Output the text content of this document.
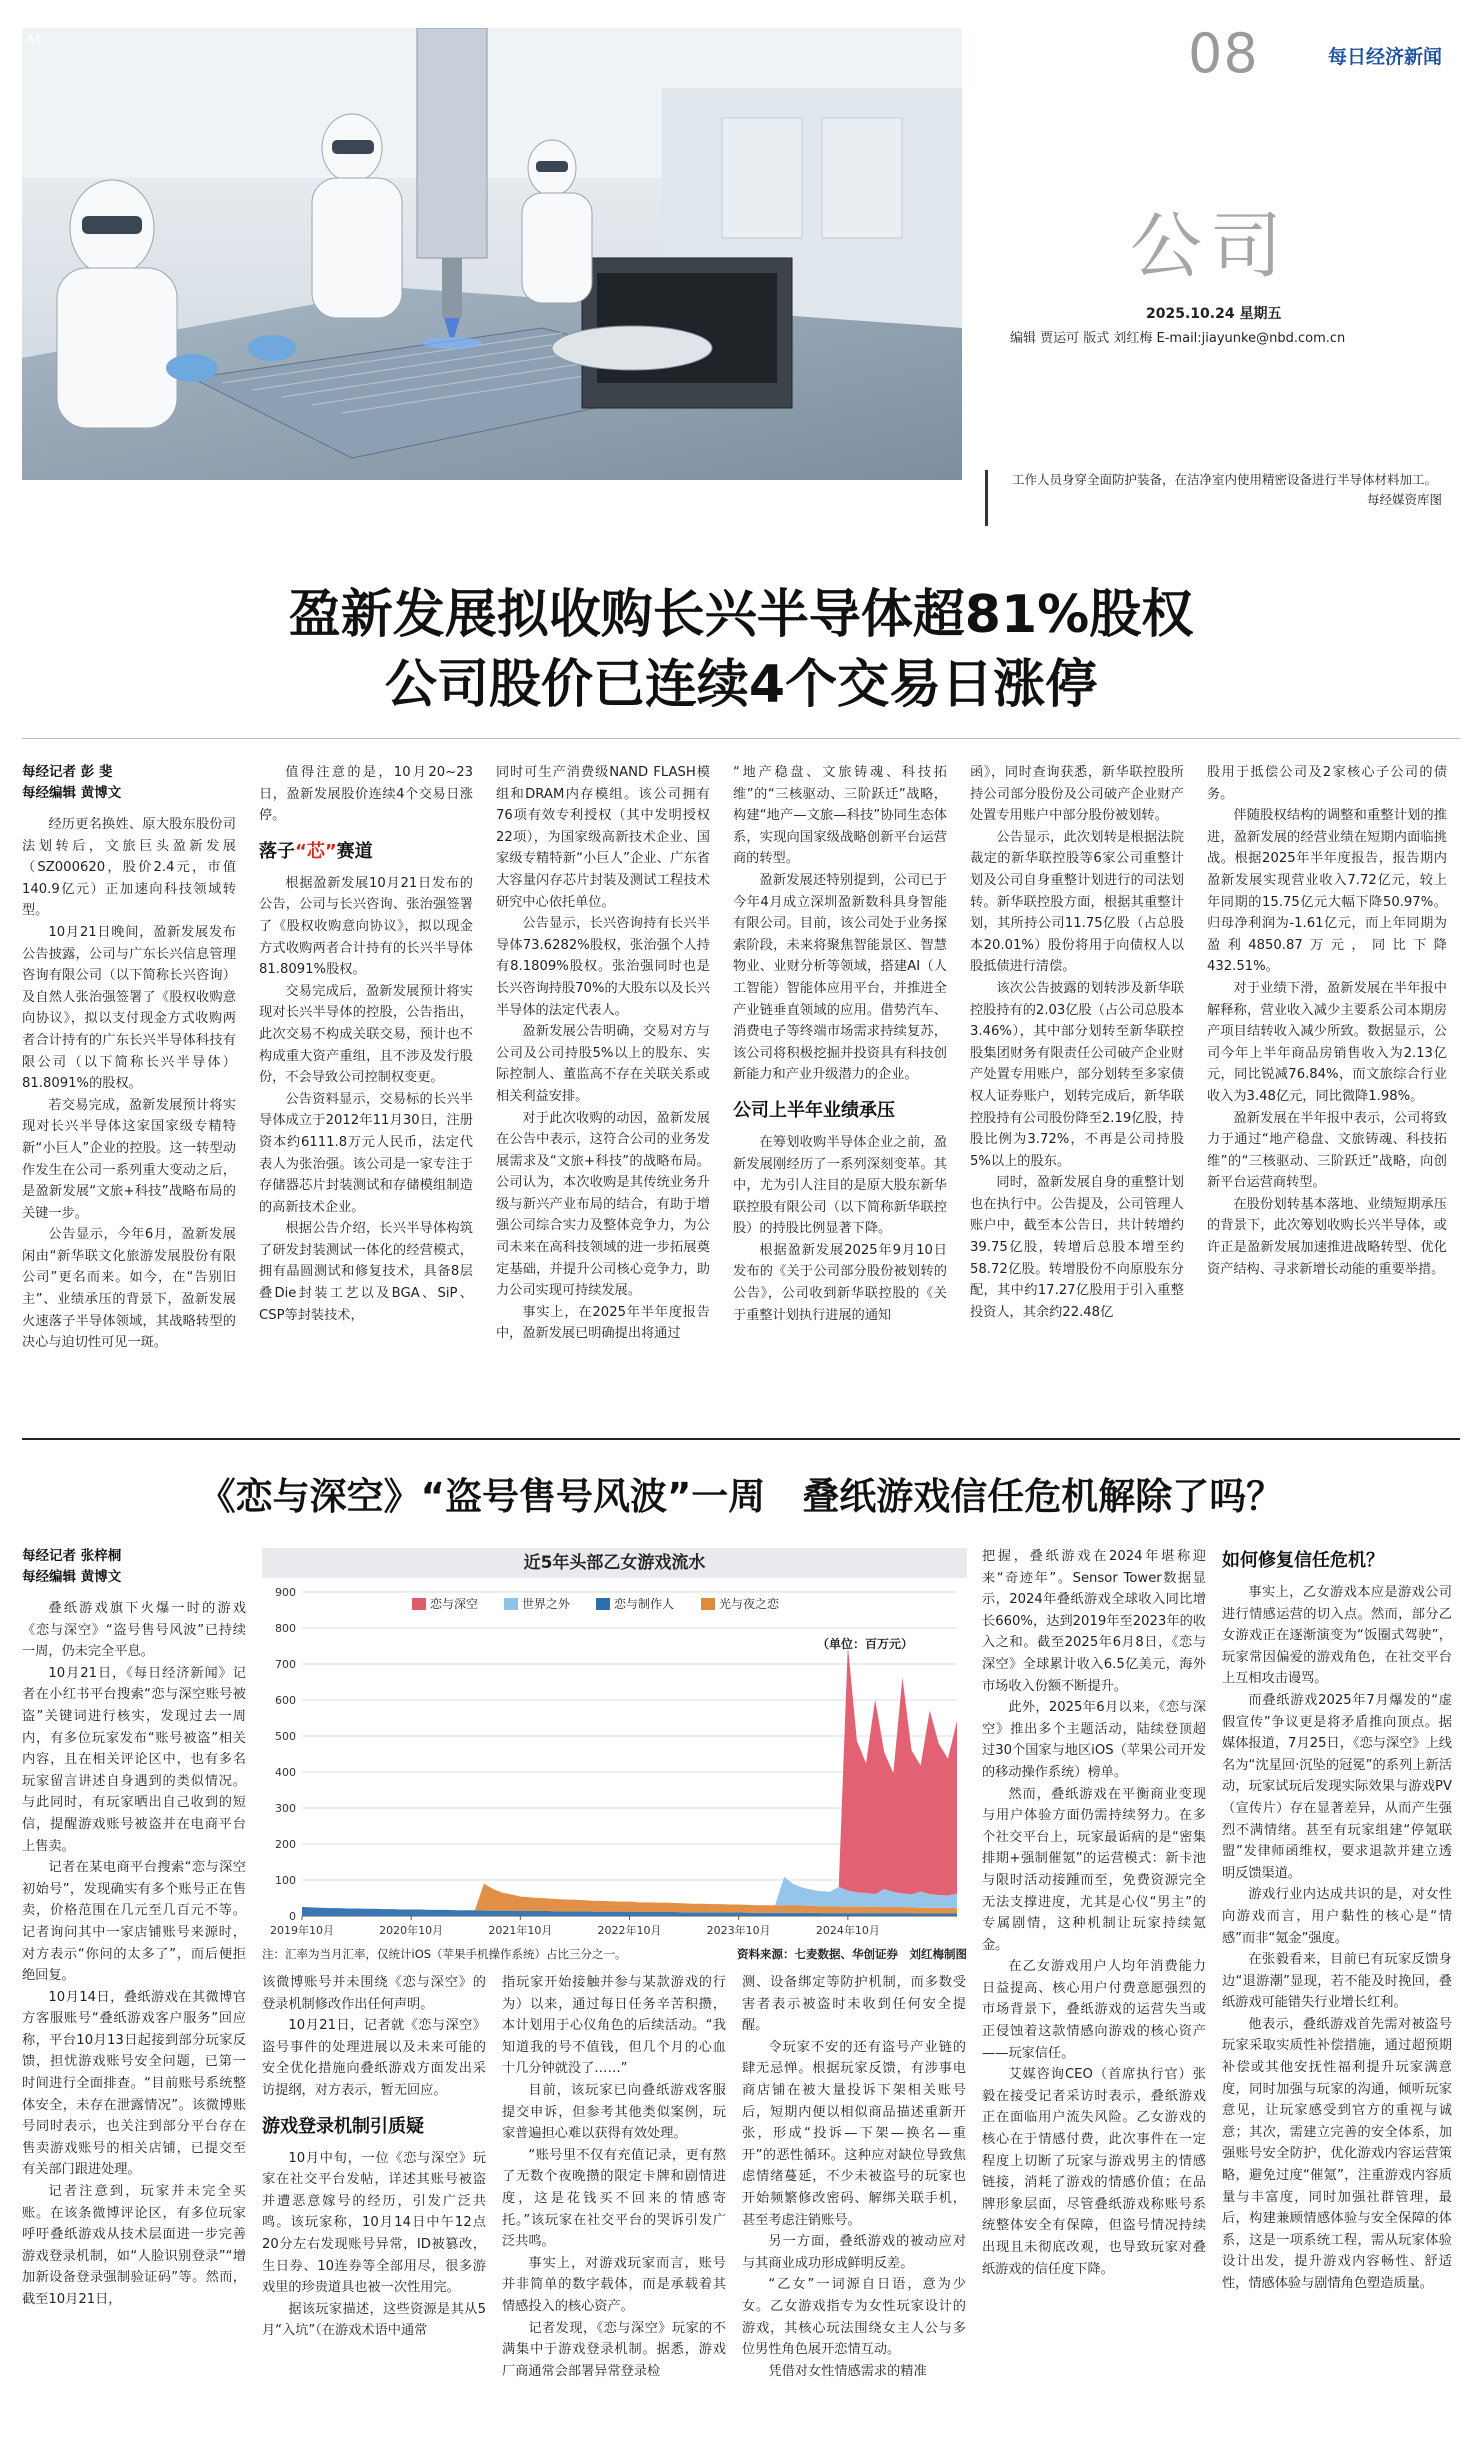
A1	08	每日经济新闻
公司
2025.10.24 星期五
编辑 贾运可 版式 刘红梅 E-mail:jiayunke@nbd.com.cn
工作人员身穿全面防护装备，在洁净室内使用精密设备进行半导体材料加工。

每经媒资库图
盈新发展拟收购长兴半导体超81%股权
公司股价已连续4个交易日涨停

每经记者 彭 斐

每经编辑 黄博文

经历更名换姓、原大股东股份司法划转后，文旅巨头盈新发展（SZ000620，股价2.4元，市值140.9亿元）正加速向科技领域转型。

10月21日晚间，盈新发展发布公告披露，公司与广东长兴信息管理咨询有限公司（以下简称长兴咨询）及自然人张治强签署了《股权收购意向协议》，拟以支付现金方式收购两者合计持有的广东长兴半导体科技有限公司（以下简称长兴半导体）81.8091%的股权。

若交易完成，盈新发展预计将实现对长兴半导体这家国家级专精特新“小巨人”企业的控股。这一转型动作发生在公司一系列重大变动之后，是盈新发展“文旅+科技”战略布局的关键一步。

公告显示，今年6月，盈新发展闲由“新华联文化旅游发展股份有限公司”更名而来。如今，在“告别旧主”、业绩承压的背景下，盈新发展火速落子半导体领域，其战略转型的决心与迫切性可见一斑。

值得注意的是，10月20~23日，盈新发展股价连续4个交易日涨停。

落子“芯”赛道

根据盈新发展10月21日发布的公告，公司与长兴咨询、张治强签署了《股权收购意向协议》，拟以现金方式收购两者合计持有的长兴半导体81.8091%股权。

交易完成后，盈新发展预计将实现对长兴半导体的控股，公告指出，此次交易不构成关联交易，预计也不构成重大资产重组，且不涉及发行股份，不会导致公司控制权变更。

公告资料显示，交易标的长兴半导体成立于2012年11月30日，注册资本约6111.8万元人民币，法定代表人为张治强。该公司是一家专注于存储器芯片封装测试和存储模组制造的高新技术企业。

根据公告介绍，长兴半导体构筑了研发封装测试一体化的经营模式，拥有晶圆测试和修复技术，具备8层叠Die封装工艺以及BGA、SiP、CSP等封装技术，

同时可生产消费级NAND FLASH模组和DRAM内存模组。该公司拥有76项有效专利授权（其中发明授权22项），为国家级高新技术企业、国家级专精特新“小巨人”企业、广东省大容量闪存芯片封装及测试工程技术研究中心依托单位。

公告显示，长兴咨询持有长兴半导体73.6282%股权，张治强个人持有8.1809%股权。张治强同时也是长兴咨询持股70%的大股东以及长兴半导体的法定代表人。

盈新发展公告明确，交易对方与公司及公司持股5%以上的股东、实际控制人、董监高不存在关联关系或相关利益安排。

对于此次收购的动因，盈新发展在公告中表示，这符合公司的业务发展需求及“文旅+科技”的战略布局。公司认为，本次收购是其传统业务升级与新兴产业布局的结合，有助于增强公司综合实力及整体竞争力，为公司未来在高科技领域的进一步拓展奠定基础，并提升公司核心竞争力，助力公司实现可持续发展。

事实上，在2025年半年度报告中，盈新发展已明确提出将通过

“地产稳盘、文旅铸魂、科技拓维”的“三核驱动、三阶跃迁”战略，构建“地产—文旅—科技”协同生态体系，实现向国家级战略创新平台运营商的转型。

盈新发展还特别提到，公司已于今年4月成立深圳盈新数科具身智能有限公司。目前，该公司处于业务探索阶段，未来将聚焦智能景区、智慧物业、业财分析等领域，搭建AI（人工智能）智能体应用平台，并推进全产业链垂直领域的应用。借势汽车、消费电子等终端市场需求持续复苏，该公司将积极挖掘并投资具有科技创新能力和产业升级潜力的企业。

公司上半年业绩承压

在筹划收购半导体企业之前，盈新发展刚经历了一系列深刻变革。其中，尤为引人注目的是原大股东新华联控股有限公司（以下简称新华联控股）的持股比例显著下降。

根据盈新发展2025年9月10日发布的《关于公司部分股份被划转的公告》，公司收到新华联控股的《关于重整计划执行进展的通知

函》，同时查询获悉，新华联控股所持公司部分股份及公司破产企业财产处置专用账户中部分股份被划转。

公告显示，此次划转是根据法院裁定的新华联控股等6家公司重整计划及公司自身重整计划进行的司法划转。新华联控股方面，根据其重整计划，其所持公司11.75亿股（占总股本20.01%）股份将用于向债权人以股抵债进行清偿。

该次公告披露的划转涉及新华联控股持有的2.03亿股（占公司总股本3.46%），其中部分划转至新华联控股集团财务有限责任公司破产企业财产处置专用账户，部分划转至多家债权人证券账户，划转完成后，新华联控股持有公司股份降至2.19亿股，持股比例为3.72%，不再是公司持股5%以上的股东。

同时，盈新发展自身的重整计划也在执行中。公告提及，公司管理人账户中，截至本公告日，共计转增约39.75亿股，转增后总股本增至约58.72亿股。转增股份不向原股东分配，其中约17.27亿股用于引入重整投资人，其余约22.48亿

股用于抵偿公司及2家核心子公司的债务。

伴随股权结构的调整和重整计划的推进，盈新发展的经营业绩在短期内面临挑战。根据2025年半年度报告，报告期内盈新发展实现营业收入7.72亿元，较上年同期的15.75亿元大幅下降50.97%。归母净利润为-1.61亿元，而上年同期为盈利4850.87万元，同比下降432.51%。

对于业绩下滑，盈新发展在半年报中解释称，营业收入减少主要系公司本期房产项目结转收入减少所致。数据显示，公司今年上半年商品房销售收入为2.13亿元，同比锐减76.84%，而文旅综合行业收入为3.48亿元，同比微降1.98%。

盈新发展在半年报中表示，公司将致力于通过“地产稳盘、文旅铸魂、科技拓维”的“三核驱动、三阶跃迁”战略，向创新平台运营商转型。

在股份划转基本落地、业绩短期承压的背景下，此次筹划收购长兴半导体，或许正是盈新发展加速推进战略转型、优化资产结构、寻求新增长动能的重要举措。

《恋与深空》“盗号售号风波”一周　叠纸游戏信任危机解除了吗？

每经记者 张梓桐

每经编辑 黄博文

叠纸游戏旗下火爆一时的游戏《恋与深空》“盗号售号风波”已持续一周，仍未完全平息。

10月21日，《每日经济新闻》记者在小红书平台搜索“恋与深空账号被盗”关键词进行核实，发现过去一周内，有多位玩家发布“账号被盗”相关内容，且在相关评论区中，也有多名玩家留言讲述自身遇到的类似情况。与此同时，有玩家晒出自己收到的短信，提醒游戏账号被盗并在电商平台上售卖。

记者在某电商平台搜索“恋与深空初始号”，发现确实有多个账号正在售卖，价格范围在几元至几百元不等。记者询问其中一家店铺账号来源时，对方表示“你问的太多了”，而后便拒绝回复。

10月14日，叠纸游戏在其微博官方客服账号“叠纸游戏客户服务”回应称，平台10月13日起接到部分玩家反馈，担忧游戏账号安全问题，已第一时间进行全面排查。“目前账号系统整体安全，未存在泄露情况”。该微博账号同时表示，也关注到部分平台存在售卖游戏账号的相关店铺，已提交至有关部门跟进处理。

记者注意到，玩家并未完全买账。在该条微博评论区，有多位玩家呼吁叠纸游戏从技术层面进一步完善游戏登录机制，如“人脸识别登录”“增加新设备登录强制验证码”等。然而，截至10月21日，

近5年头部乙女游戏流水
0
100
200
300
400
500
600
700
800
900
2019年10月	2020年10月	2021年10月	2022年10月	2023年10月	2024年10月
恋与深空	世界之外	恋与制作人	光与夜之恋
（单位：百万元）
注：汇率为当月汇率，仅统计iOS（苹果手机操作系统）占比三分之一。	资料来源：七麦数据、华创证券　刘红梅制图

该微博账号并未围绕《恋与深空》的登录机制修改作出任何声明。

10月21日，记者就《恋与深空》盗号事件的处理进展以及未来可能的安全优化措施向叠纸游戏方面发出采访提纲，对方表示，暂无回应。

游戏登录机制引质疑

10月中旬，一位《恋与深空》玩家在社交平台发帖，详述其账号被盗并遭恶意嫁号的经历，引发广泛共鸣。该玩家称，10月14日中午12点20分左右发现账号异常，ID被篡改，生日券、10连券等全部用尽，很多游戏里的珍贵道具也被一次性用完。

据该玩家描述，这些资源是其从5月“入坑”（在游戏术语中通常

指玩家开始接触并参与某款游戏的行为）以来，通过每日任务辛苦积攒，本计划用于心仪角色的后续活动。“我知道我的号不值钱，但几个月的心血十几分钟就没了……”

目前，该玩家已向叠纸游戏客服提交申诉，但参考其他类似案例，玩家普遍担心难以获得有效处理。

“账号里不仅有充值记录，更有熬了无数个夜晚攒的限定卡牌和剧情进度，这是花钱买不回来的情感寄托。”该玩家在社交平台的哭诉引发广泛共鸣。

事实上，对游戏玩家而言，账号并非简单的数字载体，而是承载着其情感投入的核心资产。

记者发现，《恋与深空》玩家的不满集中于游戏登录机制。据悉，游戏厂商通常会部署异常登录检

测、设备绑定等防护机制，而多数受害者表示被盗时未收到任何安全提醒。

令玩家不安的还有盗号产业链的肆无忌惮。根据玩家反馈，有涉事电商店铺在被大量投诉下架相关账号后，短期内便以相似商品描述重新开张，形成“投诉—下架—换名—重开”的恶性循环。这种应对缺位导致焦虑情绪蔓延，不少未被盗号的玩家也开始频繁修改密码、解绑关联手机，甚至考虑注销账号。

另一方面，叠纸游戏的被动应对与其商业成功形成鲜明反差。

“乙女”一词源自日语，意为少女。乙女游戏指专为女性玩家设计的游戏，其核心玩法围绕女主人公与多位男性角色展开恋情互动。

凭借对女性情感需求的精准

把握，叠纸游戏在2024年堪称迎来“奇迹年”。Sensor Tower数据显示，2024年叠纸游戏全球收入同比增长660%，达到2019年至2023年的收入之和。截至2025年6月8日，《恋与深空》全球累计收入6.5亿美元，海外市场收入份额不断提升。

此外，2025年6月以来，《恋与深空》推出多个主题活动，陆续登顶超过30个国家与地区iOS（苹果公司开发的移动操作系统）榜单。

然而，叠纸游戏在平衡商业变现与用户体验方面仍需持续努力。在多个社交平台上，玩家最诟病的是“密集排期+强制催氪”的运营模式：新卡池与限时活动接踵而至，免费资源完全无法支撑进度，尤其是心仪“男主”的专属剧情，这种机制让玩家持续氪金。

在乙女游戏用户人均年消费能力日益提高、核心用户付费意愿强烈的市场背景下，叠纸游戏的运营失当或正侵蚀着这款情感向游戏的核心资产——玩家信任。

艾媒咨询CEO（首席执行官）张毅在接受记者采访时表示，叠纸游戏正在面临用户流失风险。乙女游戏的核心在于情感付费，此次事件在一定程度上切断了玩家与游戏男主的情感链接，消耗了游戏的情感价值；在品牌形象层面，尽管叠纸游戏称账号系统整体安全有保障，但盗号情况持续出现且未彻底改观，也导致玩家对叠纸游戏的信任度下降。

如何修复信任危机？

事实上，乙女游戏本应是游戏公司进行情感运营的切入点。然而，部分乙女游戏正在逐渐演变为“饭圈式驾驶”，玩家常因偏爱的游戏角色，在社交平台上互相攻击谩骂。

而叠纸游戏2025年7月爆发的“虚假宣传”争议更是将矛盾推向顶点。据媒体报道，7月25日，《恋与深空》上线名为“沈星回·沉坠的冠冕”的系列上新活动，玩家试玩后发现实际效果与游戏PV（宣传片）存在显著差异，从而产生强烈不满情绪。甚至有玩家组建“停氪联盟”发律师函维权，要求退款并建立透明反馈渠道。

游戏行业内达成共识的是，对女性向游戏而言，用户黏性的核心是“情感”而非“氪金”强度。

在张毅看来，目前已有玩家反馈身边“退游潮”显现，若不能及时挽回，叠纸游戏可能错失行业增长红利。

他表示，叠纸游戏首先需对被盗号玩家采取实质性补偿措施，通过超预期补偿或其他安抚性福利提升玩家满意度，同时加强与玩家的沟通，倾听玩家意见，让玩家感受到官方的重视与诚意；其次，需建立完善的安全体系，加强账号安全防护，优化游戏内容运营策略，避免过度“催氪”，注重游戏内容质量与丰富度，同时加强社群管理，最后，构建兼顾情感体验与安全保障的体系，这是一项系统工程，需从玩家体验设计出发，提升游戏内容畅性、舒适性，情感体验与剧情角色塑造质量。
